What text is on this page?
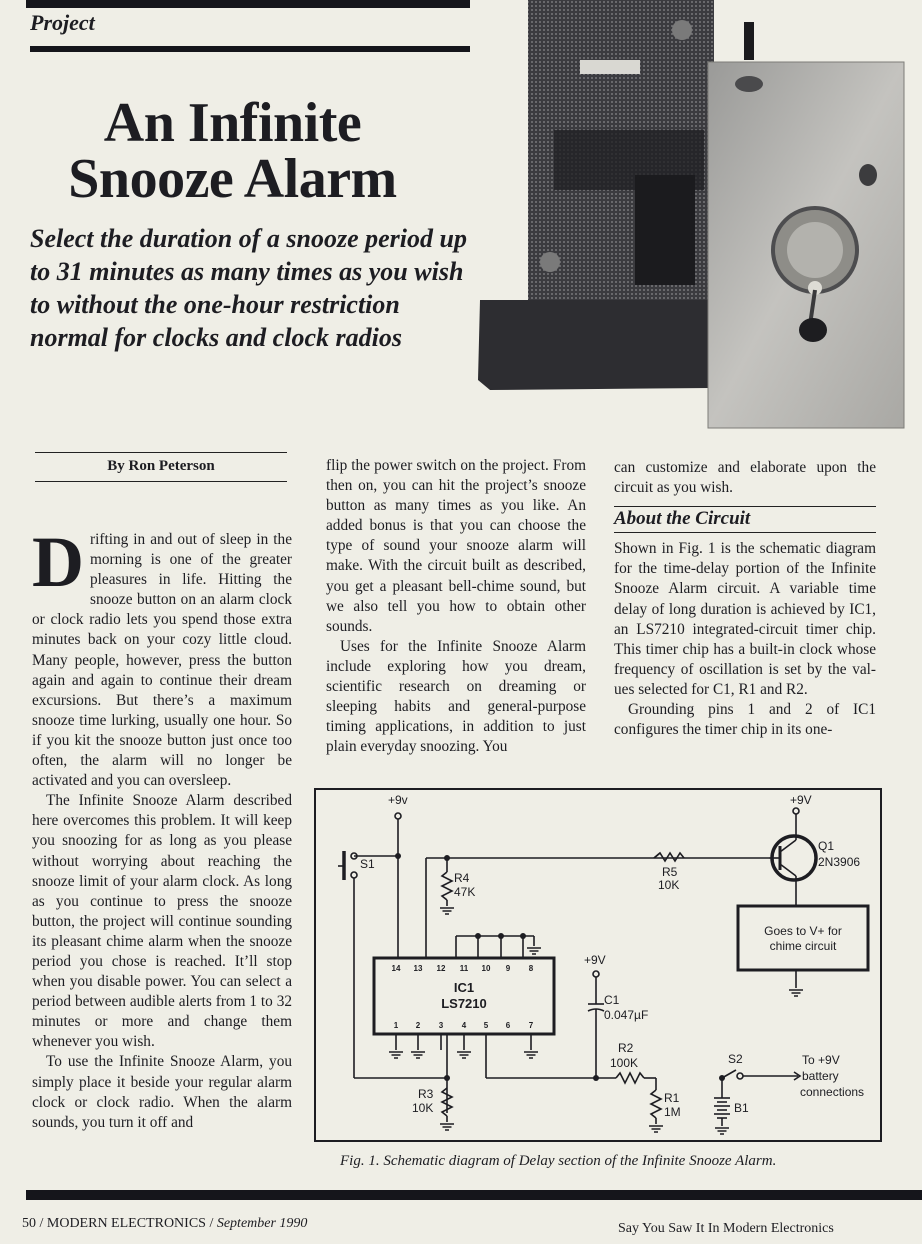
Project
An Infinite
Snooze Alarm
Select the duration of a snooze period up to 31 minutes as many times as you wish to without the one-hour restriction normal for clocks and clock radios
By Ron Peterson

Drifting in and out of sleep in the morning is one of the greater pleasures in life. Hitting the snooze button on an alarm clock or clock radio lets you spend those extra minutes back on your cozy little cloud. Many people, however, press the button again and again to continue their dream excursions. But there’s a maximum snooze time lurking, usually one hour. So if you kit the snooze button just once too often, the alarm will no longer be activated and you can oversleep.

The Infinite Snooze Alarm described here overcomes this problem. It will keep you snoozing for as long as you please without worrying about reaching the snooze limit of your alarm clock. As long as you continue to press the snooze button, the project will continue sounding its pleasant chime alarm when the snooze period you chose is reached. It’ll stop when you disable power. You can select a period between audible alerts from 1 to 32 minutes or more and change them whenever you wish.

To use the Infinite Snooze Alarm, you simply place it beside your regular alarm clock or clock radio. When the alarm sounds, you turn it off and

flip the power switch on the project. From then on, you can hit the project’s snooze button as many times as you like. An added bonus is that you can choose the type of sound your snooze alarm will make. With the circuit built as described, you get a pleasant bell-chime sound, but we also tell you how to obtain other sounds.

Uses for the Infinite Snooze Alarm include exploring how you dream, scientific research on dreaming or sleeping habits and general-purpose timing applications, in addition to just plain everyday snoozing. You

can customize and elaborate upon the circuit as you wish.

About the Circuit

Shown in Fig. 1 is the schematic diagram for the time-delay portion of the Infinite Snooze Alarm circuit. A variable time delay of long duration is achieved by IC1, an LS7210 integrated-circuit timer chip. This timer chip has a built-in clock whose frequency of oscillation is set by the values selected for C1, R1 and R2.

Grounding pins 1 and 2 of IC1 configures the timer chip in its one-

+9v
S1
R4
47K
R5
10K
+9V
Q1
2N3906
Goes to V+ for
chime circuit
14 13 12 11 10 9 8
1 2 3 4 5 6 7
IC1
LS7210
+9V
C1
0.047µF
R2
100K
R3
10K
R1
1M
S2
B1
To +9V
battery
connections
Fig. 1. Schematic diagram of Delay section of the Infinite Snooze Alarm.
50 / MODERN ELECTRONICS / September 1990	Say You Saw It In Modern Electronics
